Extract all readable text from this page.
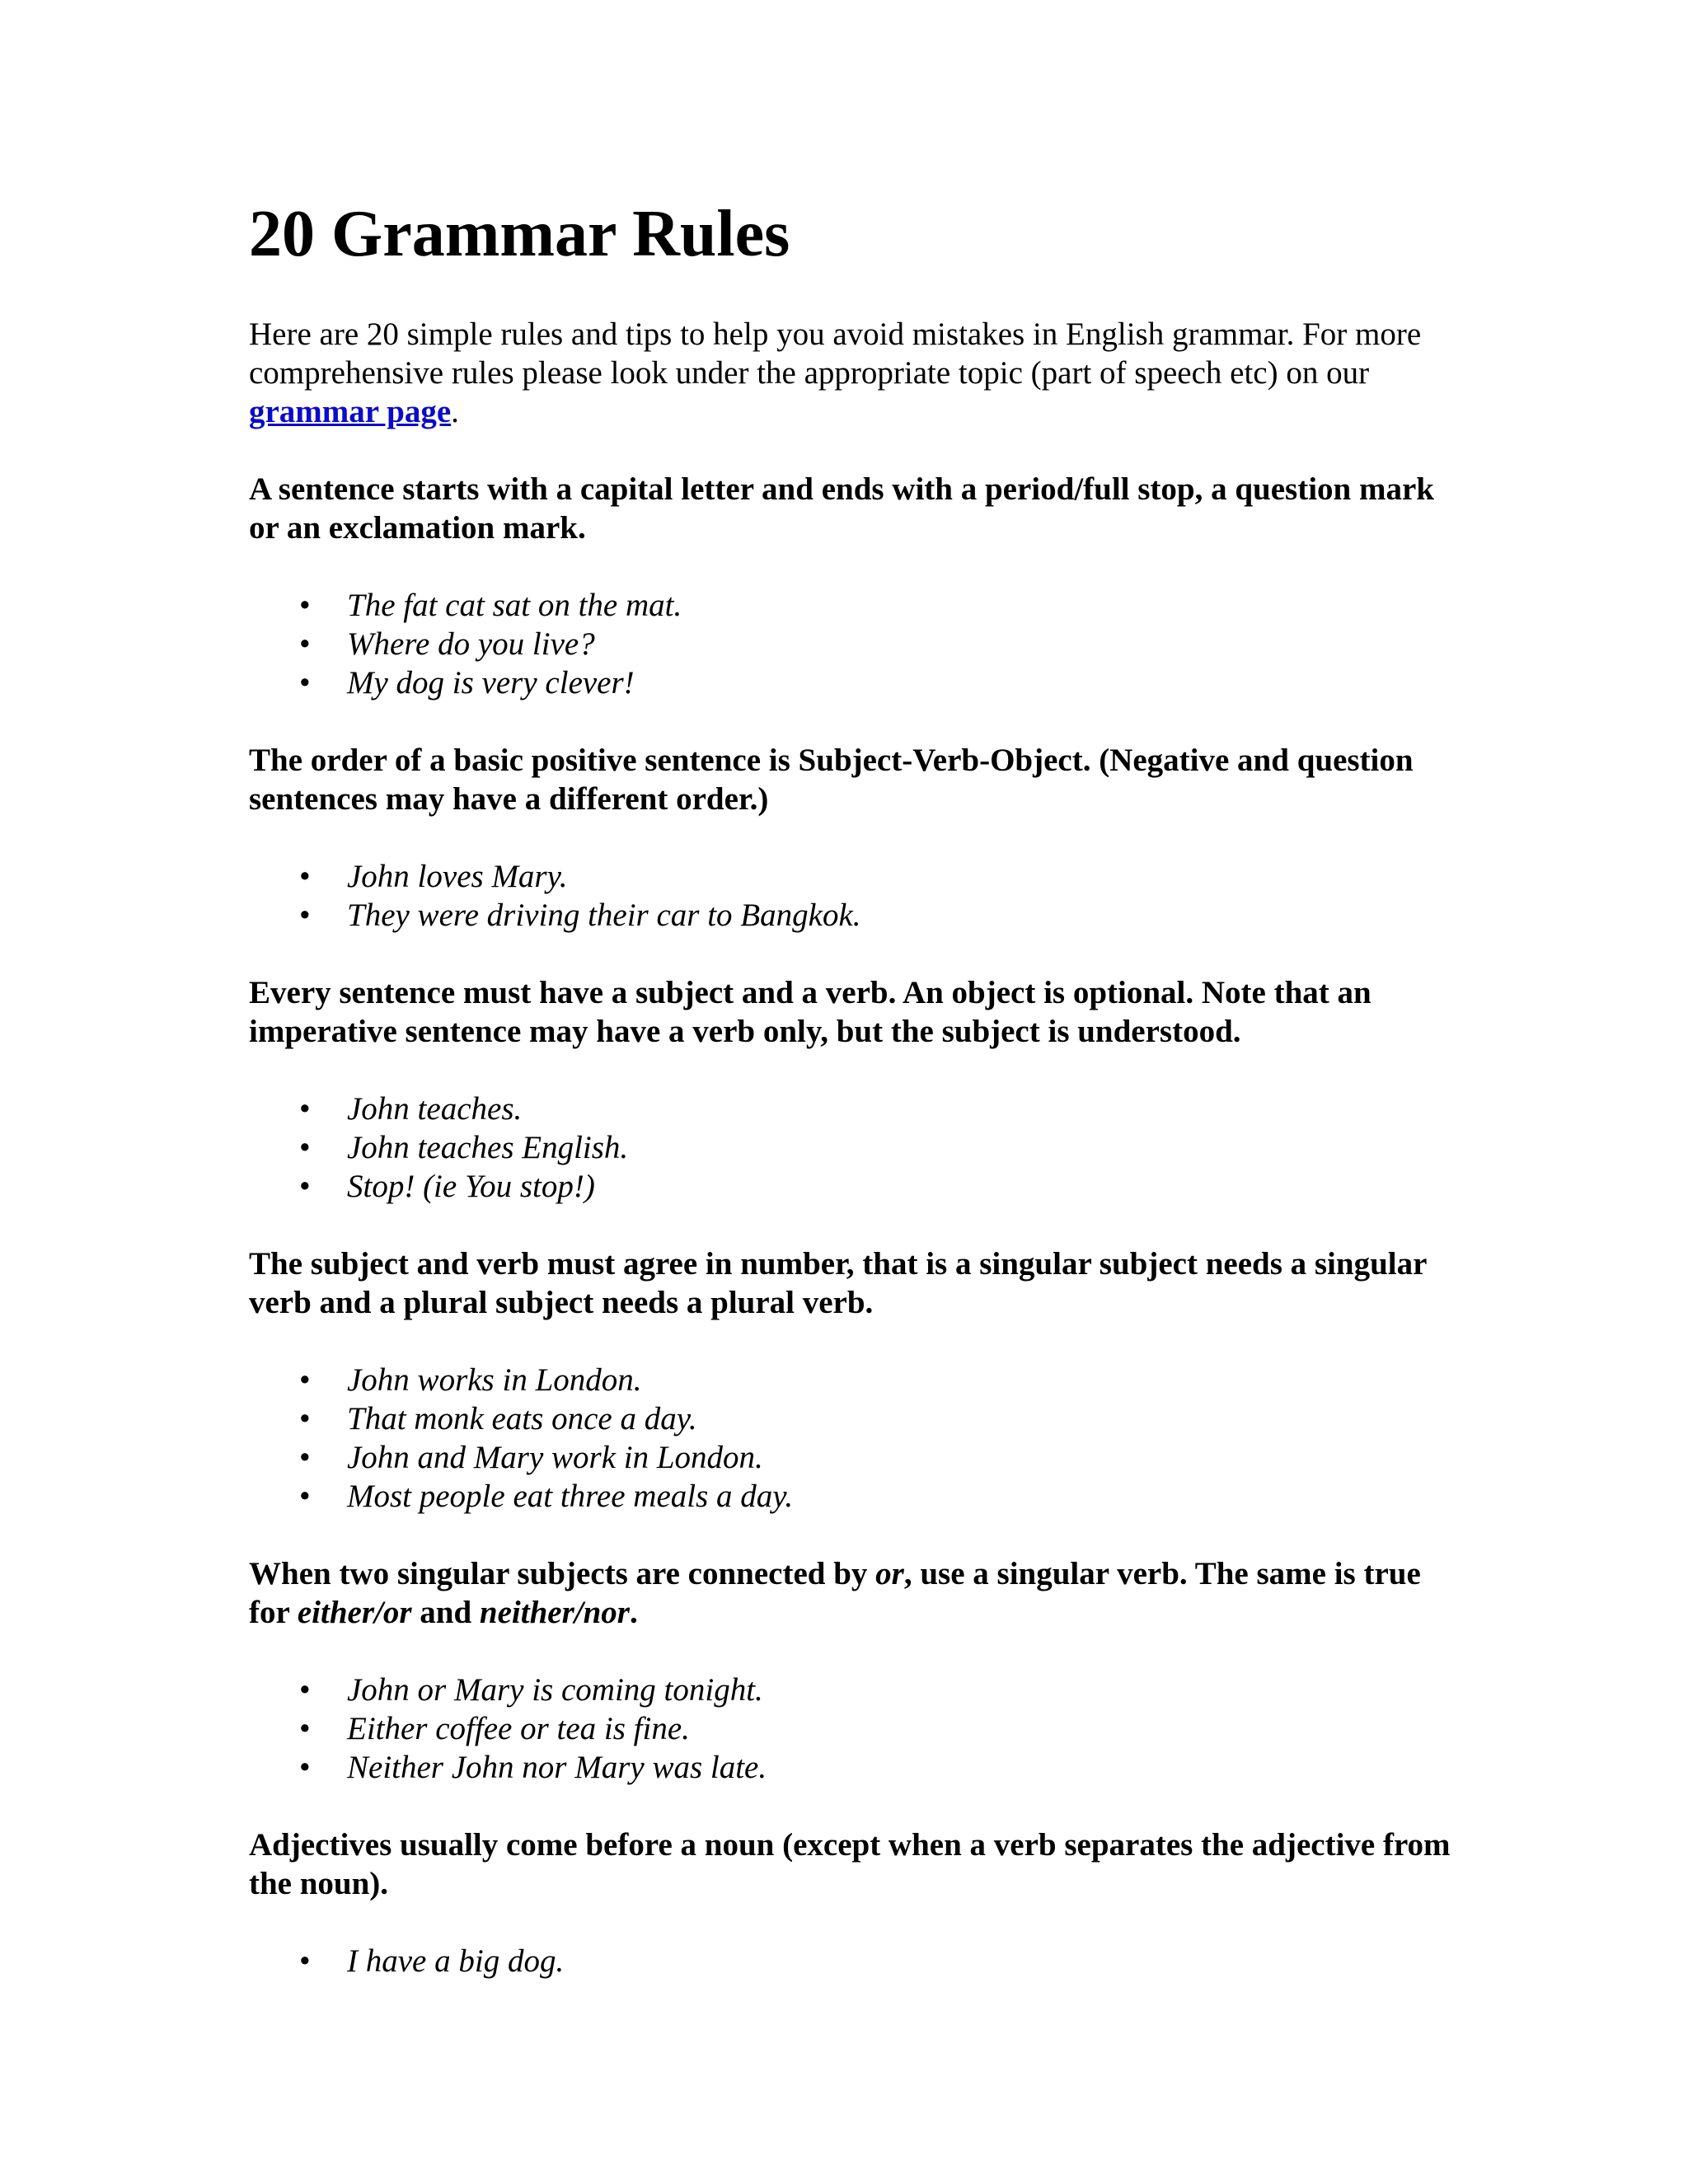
20 Grammar Rules

Here are 20 simple rules and tips to help you avoid mistakes in English grammar. For more comprehensive rules please look under the appropriate topic (part of speech etc) on our grammar page.

A sentence starts with a capital letter and ends with a period/full stop, a question mark or an exclamation mark.

• The fat cat sat on the mat.
• Where do you live?
• My dog is very clever!

The order of a basic positive sentence is Subject-Verb-Object. (Negative and question sentences may have a different order.)

• John loves Mary.
• They were driving their car to Bangkok.

Every sentence must have a subject and a verb. An object is optional. Note that an imperative sentence may have a verb only, but the subject is understood.

• John teaches.
• John teaches English.
• Stop! (ie You stop!)

The subject and verb must agree in number, that is a singular subject needs a singular verb and a plural subject needs a plural verb.

• John works in London.
• That monk eats once a day.
• John and Mary work in London.
• Most people eat three meals a day.

When two singular subjects are connected by or, use a singular verb. The same is true for either/or and neither/nor.

• John or Mary is coming tonight.
• Either coffee or tea is fine.
• Neither John nor Mary was late.

Adjectives usually come before a noun (except when a verb separates the adjective from the noun).

• I have a big dog.
